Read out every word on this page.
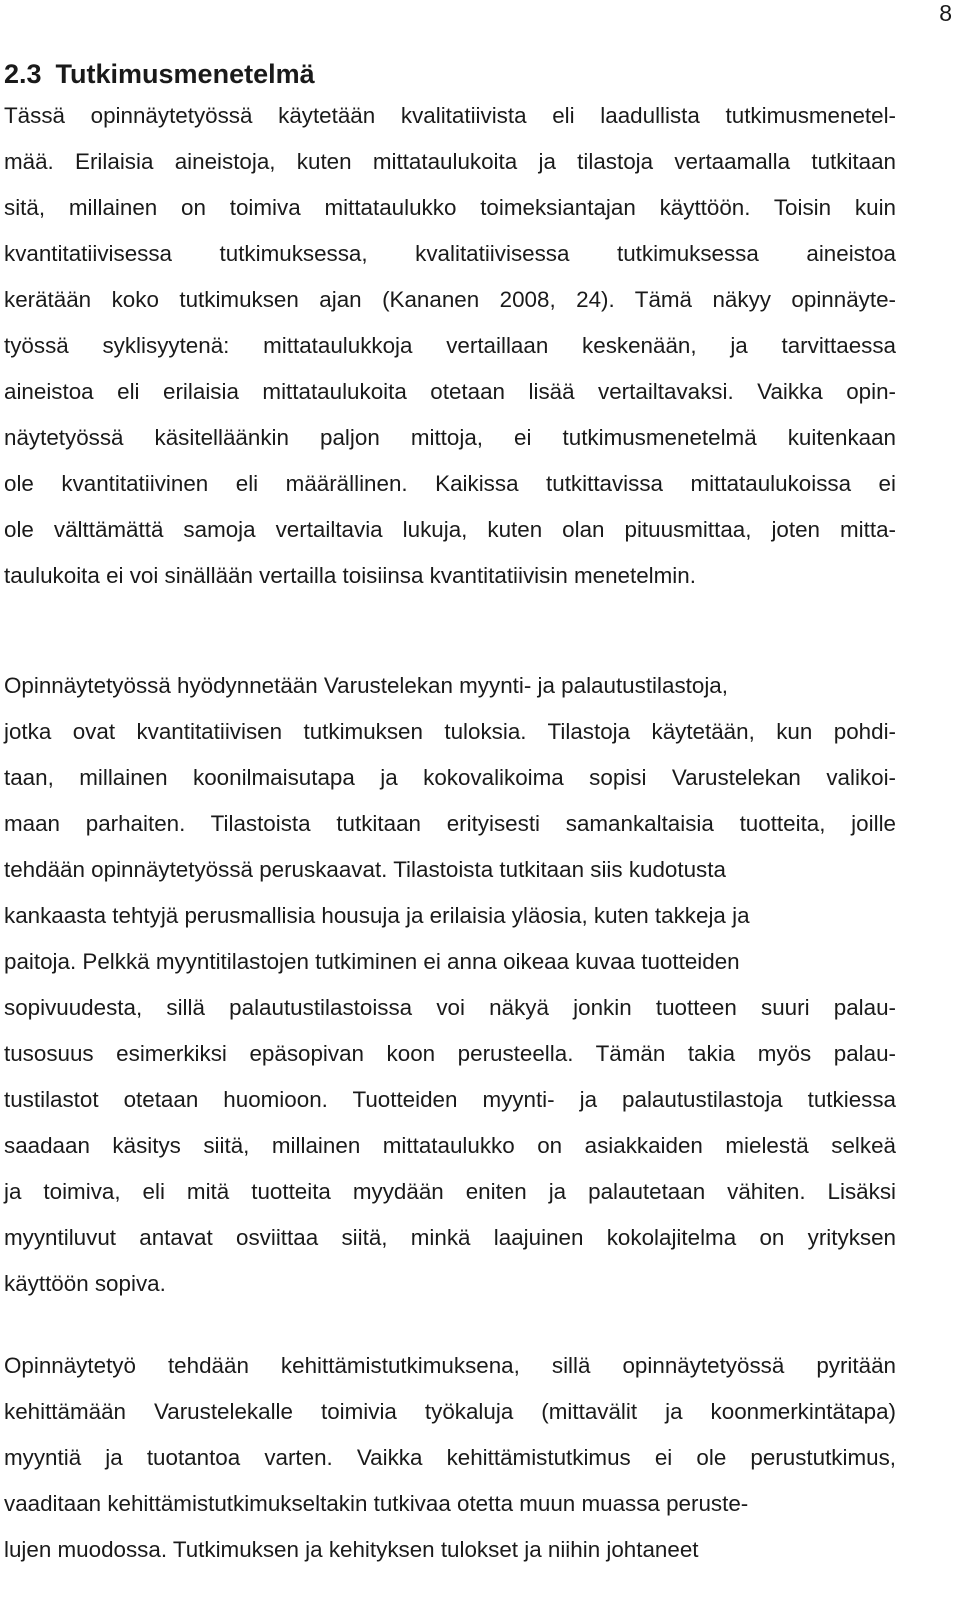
8
2.3 Tutkimusmenetelmä
Tässä opinnäytetyössä käytetään kvalitatiivista eli laadullista tutkimusmenetel-
mää. Erilaisia aineistoja, kuten mittataulukoita ja tilastoja vertaamalla tutkitaan
sitä, millainen on toimiva mittataulukko toimeksiantajan käyttöön. Toisin kuin
kvantitatiivisessa tutkimuksessa, kvalitatiivisessa tutkimuksessa aineistoa
kerätään koko tutkimuksen ajan (Kananen 2008, 24). Tämä näkyy opinnäyte-
työssä syklisyytenä: mittataulukkoja vertaillaan keskenään, ja tarvittaessa
aineistoa eli erilaisia mittataulukoita otetaan lisää vertailtavaksi. Vaikka opin-
näytetyössä käsitelläänkin paljon mittoja, ei tutkimusmenetelmä kuitenkaan
ole kvantitatiivinen eli määrällinen. Kaikissa tutkittavissa mittataulukoissa ei
ole välttämättä samoja vertailtavia lukuja, kuten olan pituusmittaa, joten mitta-
taulukoita ei voi sinällään vertailla toisiinsa kvantitatiivisin menetelmin.
Opinnäytetyössä hyödynnetään Varustelekan myynti- ja palautustilastoja,
jotka ovat kvantitatiivisen tutkimuksen tuloksia. Tilastoja käytetään, kun pohdi-
taan, millainen koonilmaisutapa ja kokovalikoima sopisi Varustelekan valikoi-
maan parhaiten. Tilastoista tutkitaan erityisesti samankaltaisia tuotteita, joille
tehdään opinnäytetyössä peruskaavat. Tilastoista tutkitaan siis kudotusta
kankaasta tehtyjä perusmallisia housuja ja erilaisia yläosia, kuten takkeja ja
paitoja. Pelkkä myyntitilastojen tutkiminen ei anna oikeaa kuvaa tuotteiden
sopivuudesta, sillä palautustilastoissa voi näkyä jonkin tuotteen suuri palau-
tusosuus esimerkiksi epäsopivan koon perusteella. Tämän takia myös palau-
tustilastot otetaan huomioon. Tuotteiden myynti- ja palautustilastoja tutkiessa
saadaan käsitys siitä, millainen mittataulukko on asiakkaiden mielestä selkeä
ja toimiva, eli mitä tuotteita myydään eniten ja palautetaan vähiten. Lisäksi
myyntiluvut antavat osviittaa siitä, minkä laajuinen kokolajitelma on yrityksen
käyttöön sopiva.
Opinnäytetyö tehdään kehittämistutkimuksena, sillä opinnäytetyössä pyritään
kehittämään Varustelekalle toimivia työkaluja (mittavälit ja koonmerkintätapa)
myyntiä ja tuotantoa varten. Vaikka kehittämistutkimus ei ole perustutkimus,
vaaditaan kehittämistutkimukseltakin tutkivaa otetta muun muassa peruste-
lujen muodossa. Tutkimuksen ja kehityksen tulokset ja niihin johtaneet
